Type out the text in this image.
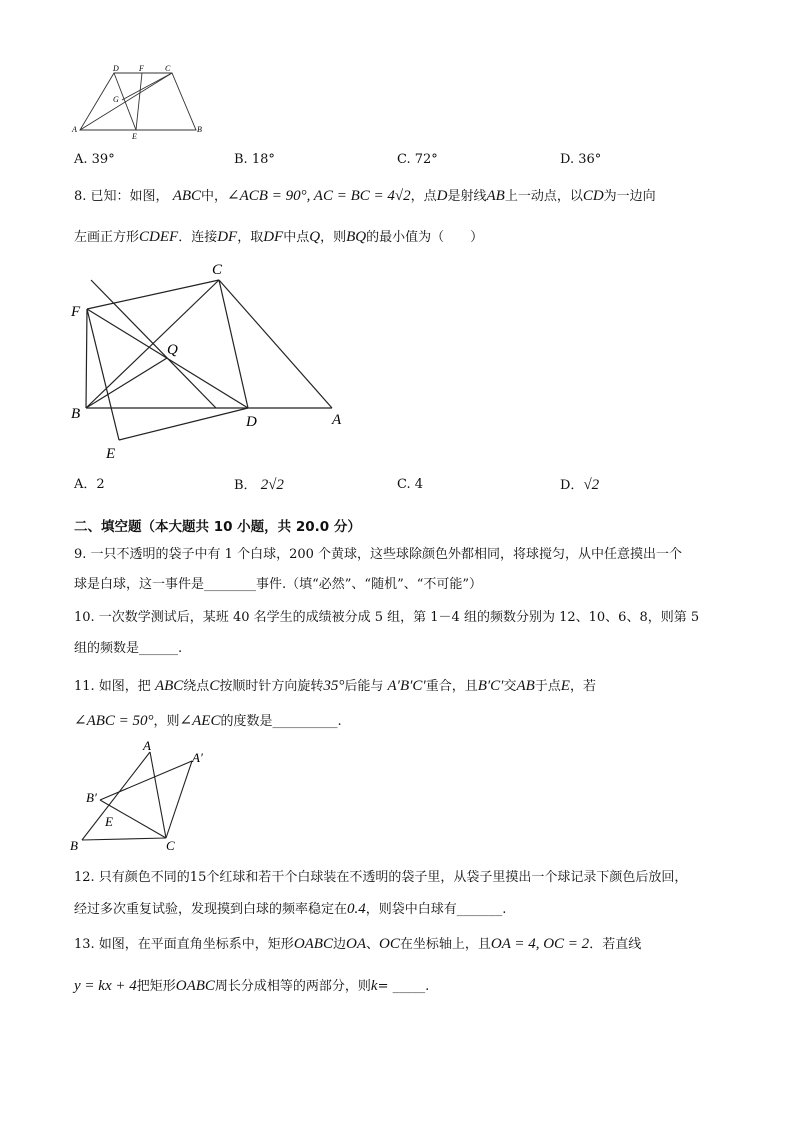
D	F	C
G
A
E
B
A. 39°	B. 18°	C. 72°	D. 36°
8. 已知：如图， ABC中，∠ACB = 90°, AC = BC = 4√2，点D是射线AB上一动点，以CD为一边向
左画正方形CDEF．连接DF，取DF中点Q，则BQ的最小值为（　　）
C
F
Q
B	D	A
E
A．2	B． 2√2	C. 4	D．√2
二、填空题（本大题共 10 小题，共 20.0 分）
9. 一只不透明的袋子中有 1 个白球，200 个黄球，这些球除颜色外都相同，将球搅匀，从中任意摸出一个
球是白球，这一事件是________事件.（填“必然”、“随机”、“不可能”）
10. 一次数学测试后，某班 40 名学生的成绩被分成 5 组，第 1－4 组的频数分别为 12、10、6、8，则第 5
组的频数是______.
11. 如图，把 ABC绕点C按顺时针方向旋转35°后能与 A′B′C′重合，且B′C′交AB于点E，若
∠ABC = 50°，则∠AEC的度数是__________.
A
A′
B′
E
B	C
12. 只有颜色不同的15个红球和若干个白球装在不透明的袋子里，从袋子里摸出一个球记录下颜色后放回，
经过多次重复试验，发现摸到白球的频率稳定在0.4，则袋中白球有_______.
13. 如图，在平面直角坐标系中，矩形OABC边OA、OC在坐标轴上，且OA = 4, OC = 2．若直线
y = kx + 4把矩形OABC周长分成相等的两部分，则k= _____.
